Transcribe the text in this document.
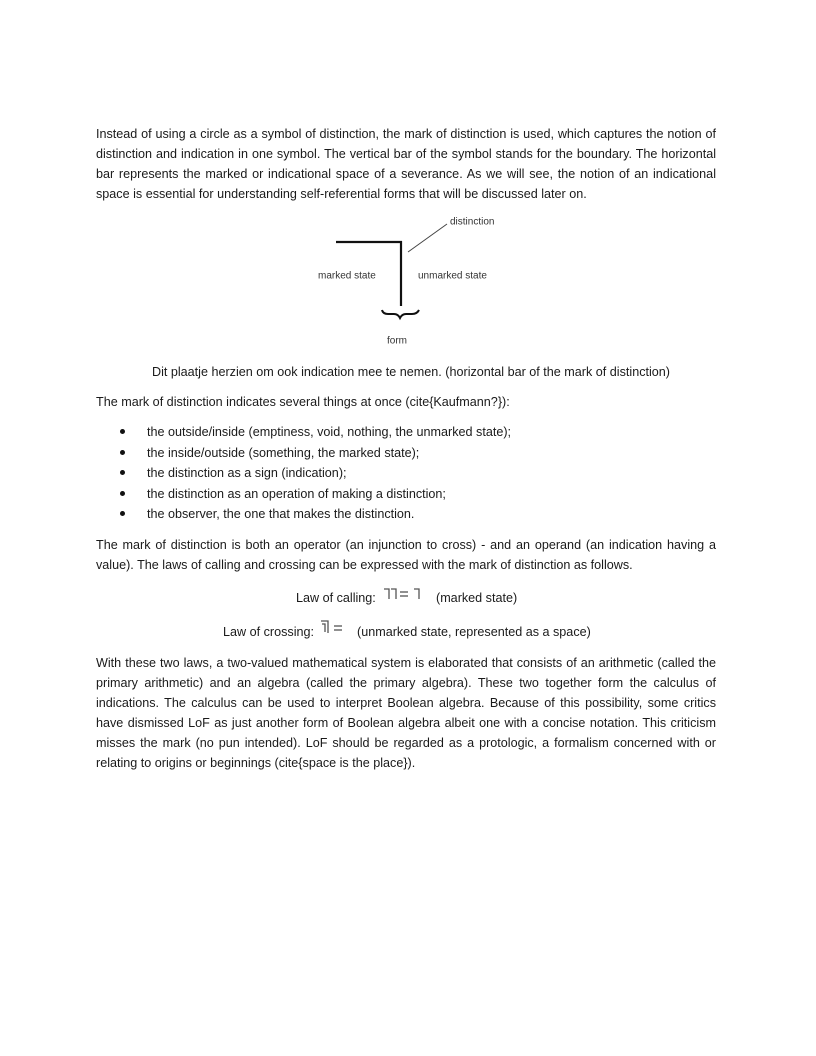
Instead of using a circle as a symbol of distinction, the mark of distinction is used, which captures the notion of distinction and indication in one symbol. The vertical bar of the symbol stands for the boundary. The horizontal bar represents the marked or indicational space of a severance. As we will see, the notion of an indicational space is essential for understanding self-referential forms that will be discussed later on.

distinction
marked state	unmarked state
form

Dit plaatje herzien om ook indication mee te nemen. (horizontal bar of the mark of distinction)

The mark of distinction indicates several things at once (cite{Kaufmann?}):

the outside/inside (emptiness, void, nothing, the unmarked state);
the inside/outside (something, the marked state);
the distinction as a sign (indication);
the distinction as an operation of making a distinction;
the observer, the one that makes the distinction.

The mark of distinction is both an operator (an injunction to cross) - and an operand (an indication having a value). The laws of calling and crossing can be expressed with the mark of distinction as follows.

Law of calling:	(marked state)
Law of crossing:	(unmarked state, represented as a space)

With these two laws, a two-valued mathematical system is elaborated that consists of an arithmetic (called the primary arithmetic) and an algebra (called the primary algebra). These two together form the calculus of indications. The calculus can be used to interpret Boolean algebra. Because of this possibility, some critics have dismissed LoF as just another form of Boolean algebra albeit one with a concise notation. This criticism misses the mark (no pun intended). LoF should be regarded as a protologic, a formalism concerned with or relating to origins or beginnings (cite{space is the place}).
